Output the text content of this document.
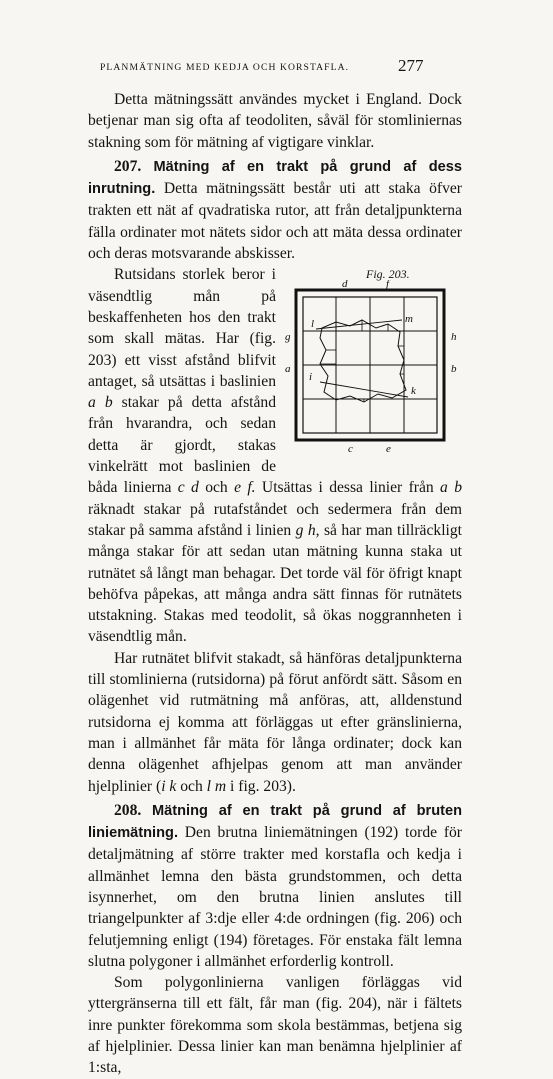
PLANMÄTNING MED KEDJA OCH KORSTAFLA.	277

Detta mätningssätt användes mycket i England. Dock betjenar man sig ofta af teodoliten, såväl för stomliniernas stakning som för mätning af vigtigare vinklar.

207. Mätning af en trakt på grund af dess inrutning. Detta mätningssätt består uti att staka öfver trakten ett nät af qvadratiska rutor, att från detaljpunkterna fälla ordinater mot nätets sidor och att mäta dessa ordinater och deras motsvarande abskisser.

Fig. 203.
d	f
l	m
g	h
a	b
i
k
c	e
Rutsidans storlek beror i väsendtlig mån på beskaffenheten hos den trakt som skall mätas. Har (fig. 203) ett visst afstånd blifvit antaget, så utsättas i baslinien a b stakar på detta afstånd från hvarandra, och sedan detta är gjordt, stakas vinkelrätt mot baslinien de båda linierna c d och e f. Utsättas i dessa linier från a b räknadt stakar på rutafståndet och sedermera från dem stakar på samma afstånd i linien g h, så har man tillräckligt många stakar för att sedan utan mätning kunna staka ut rutnätet så långt man behagar. Det torde väl för öfrigt knapt behöfva påpekas, att många andra sätt finnas för rutnätets utstakning. Stakas med teodolit, så ökas noggrannheten i väsendtlig mån.

Har rutnätet blifvit stakadt, så hänföras detaljpunkterna till stomlinierna (rutsidorna) på förut anfördt sätt. Såsom en olägenhet vid rutmätning må anföras, att, alldenstund rutsidorna ej komma att förläggas ut efter gränslinierna, man i allmänhet får mäta för långa ordinater; dock kan denna olägenhet afhjelpas genom att man använder hjelplinier (i k och l m i fig. 203).

208. Mätning af en trakt på grund af bruten liniemätning. Den brutna liniemätningen (192) torde för detaljmätning af större trakter med korstafla och kedja i allmänhet lemna den bästa grundstommen, och detta isynnerhet, om den brutna linien anslutes till triangelpunkter af 3:dje eller 4:de ordningen (fig. 206) och felutjemning enligt (194) företages. För enstaka fält lemna slutna polygoner i allmänhet erforderlig kontroll.

Som polygonlinierna vanligen förläggas vid yttergränserna till ett fält, får man (fig. 204), när i fältets inre punkter förekomma som skola bestämmas, betjena sig af hjelplinier. Dessa linier kan man benämna hjelplinier af 1:sta,
